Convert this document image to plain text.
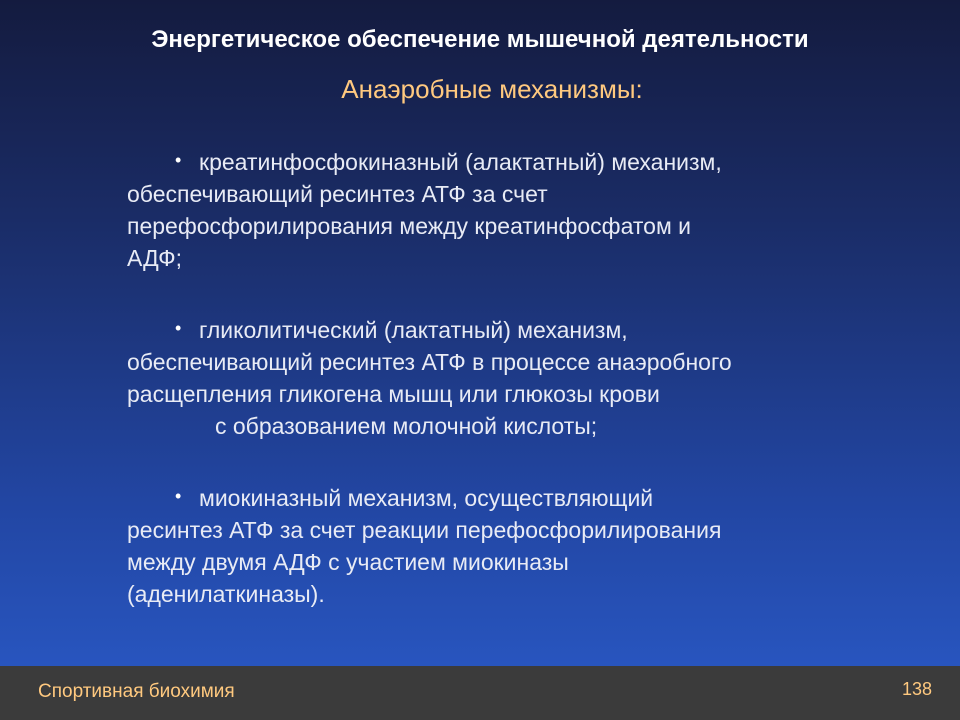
Энергетическое обеспечение мышечной деятельности
Анаэробные механизмы:
• креатинфосфокиназный (алактатный) механизм,
обеспечивающий ресинтез АТФ за счет
перефосфорилирования между креатинфосфатом и
АДФ;
• гликолитический (лактатный) механизм,
обеспечивающий ресинтез АТФ в процессе анаэробного
расщепления гликогена мышц или глюкозы крови
с образованием молочной кислоты;
• миокиназный механизм, осуществляющий
ресинтез АТФ за счет реакции перефосфорилирования
между двумя АДФ с участием миокиназы
(аденилаткиназы).
Спортивная биохимия	138
